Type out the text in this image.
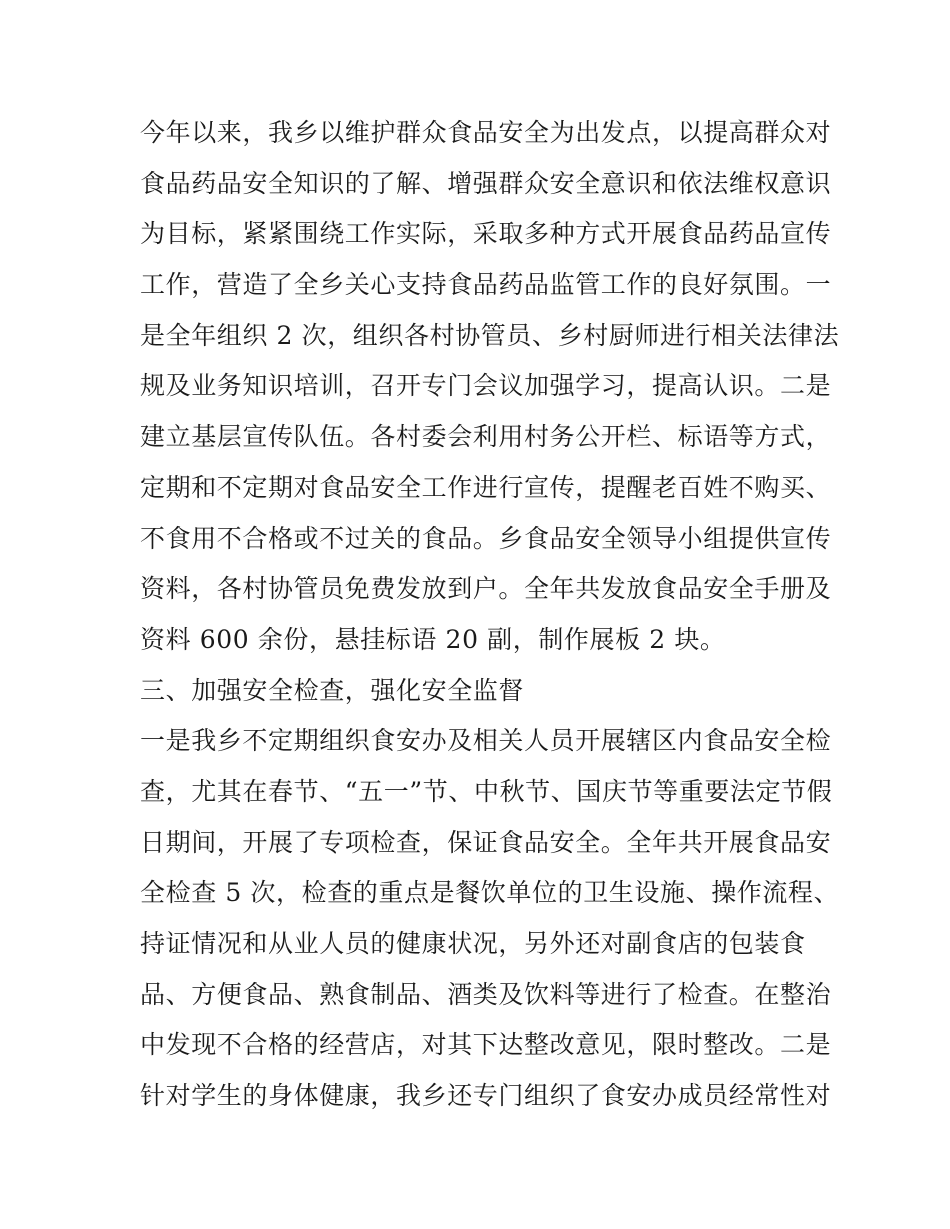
今年以来，我乡以维护群众食品安全为出发点，以提高群众对
食品药品安全知识的了解、增强群众安全意识和依法维权意识
为目标，紧紧围绕工作实际，采取多种方式开展食品药品宣传
工作，营造了全乡关心支持食品药品监管工作的良好氛围。一
是全年组织 2 次，组织各村协管员、乡村厨师进行相关法律法
规及业务知识培训，召开专门会议加强学习，提高认识。二是
建立基层宣传队伍。各村委会利用村务公开栏、标语等方式，
定期和不定期对食品安全工作进行宣传，提醒老百姓不购买、
不食用不合格或不过关的食品。乡食品安全领导小组提供宣传
资料，各村协管员免费发放到户。全年共发放食品安全手册及
资料 600 余份，悬挂标语 20 副，制作展板 2 块。
三、加强安全检查，强化安全监督
一是我乡不定期组织食安办及相关人员开展辖区内食品安全检
查，尤其在春节、“五一”节、中秋节、国庆节等重要法定节假
日期间，开展了专项检查，保证食品安全。全年共开展食品安
全检查 5 次，检查的重点是餐饮单位的卫生设施、操作流程、
持证情况和从业人员的健康状况，另外还对副食店的包装食
品、方便食品、熟食制品、酒类及饮料等进行了检查。在整治
中发现不合格的经营店，对其下达整改意见，限时整改。二是
针对学生的身体健康，我乡还专门组织了食安办成员经常性对
